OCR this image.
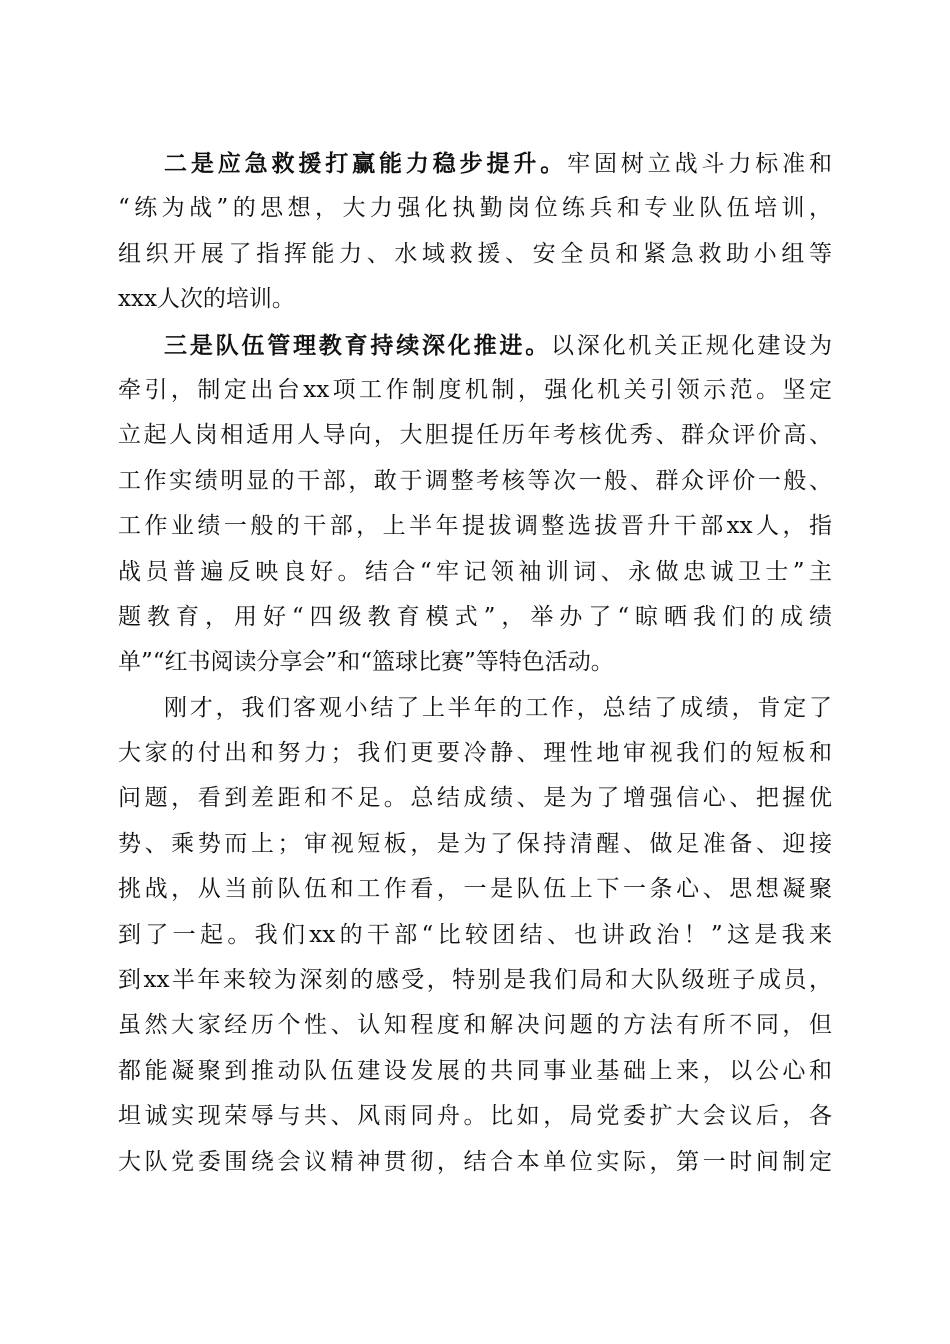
二是应急救援打赢能力稳步提升。牢固树立战斗力标准和
“练为战”的思想，大力强化执勤岗位练兵和专业队伍培训，
组织开展了指挥能力、水域救援、安全员和紧急救助小组等
xxx人次的培训。
三是队伍管理教育持续深化推进。以深化机关正规化建设为
牵引，制定出台xx项工作制度机制，强化机关引领示范。坚定
立起人岗相适用人导向，大胆提任历年考核优秀、群众评价高、
工作实绩明显的干部，敢于调整考核等次一般、群众评价一般、
工作业绩一般的干部，上半年提拔调整选拔晋升干部xx人，指
战员普遍反映良好。结合“牢记领袖训词、永做忠诚卫士”主
题教育，用好“四级教育模式”，举办了“晾晒我们的成绩
单”“红书阅读分享会”和“篮球比赛”等特色活动。
刚才，我们客观小结了上半年的工作，总结了成绩，肯定了
大家的付出和努力；我们更要冷静、理性地审视我们的短板和
问题，看到差距和不足。总结成绩、是为了增强信心、把握优
势、乘势而上；审视短板，是为了保持清醒、做足准备、迎接
挑战，从当前队伍和工作看，一是队伍上下一条心、思想凝聚
到了一起。我们xx的干部“比较团结、也讲政治！”这是我来
到xx半年来较为深刻的感受，特别是我们局和大队级班子成员，
虽然大家经历个性、认知程度和解决问题的方法有所不同，但
都能凝聚到推动队伍建设发展的共同事业基础上来，以公心和
坦诚实现荣辱与共、风雨同舟。比如，局党委扩大会议后，各
大队党委围绕会议精神贯彻，结合本单位实际，第一时间制定
